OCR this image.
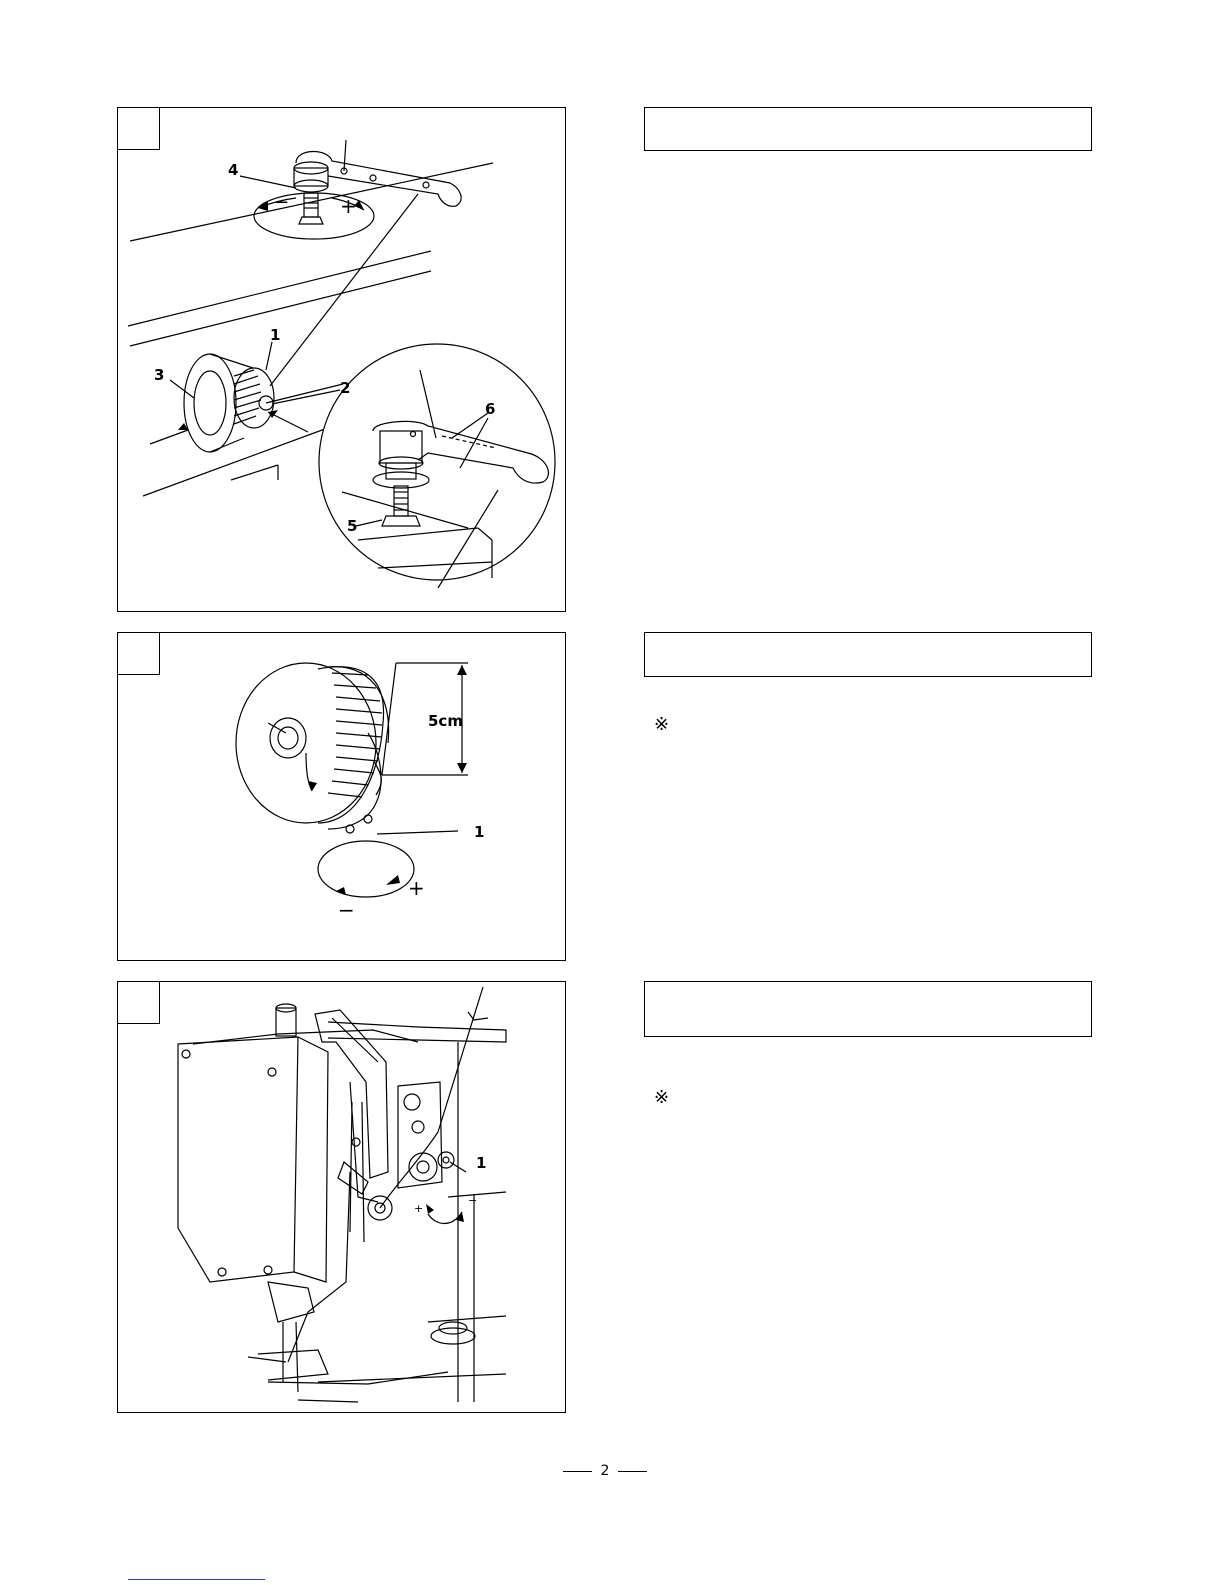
4
1
3
2
6
5
−	+
5cm
1
+
−
※
1
+
−
※
2
